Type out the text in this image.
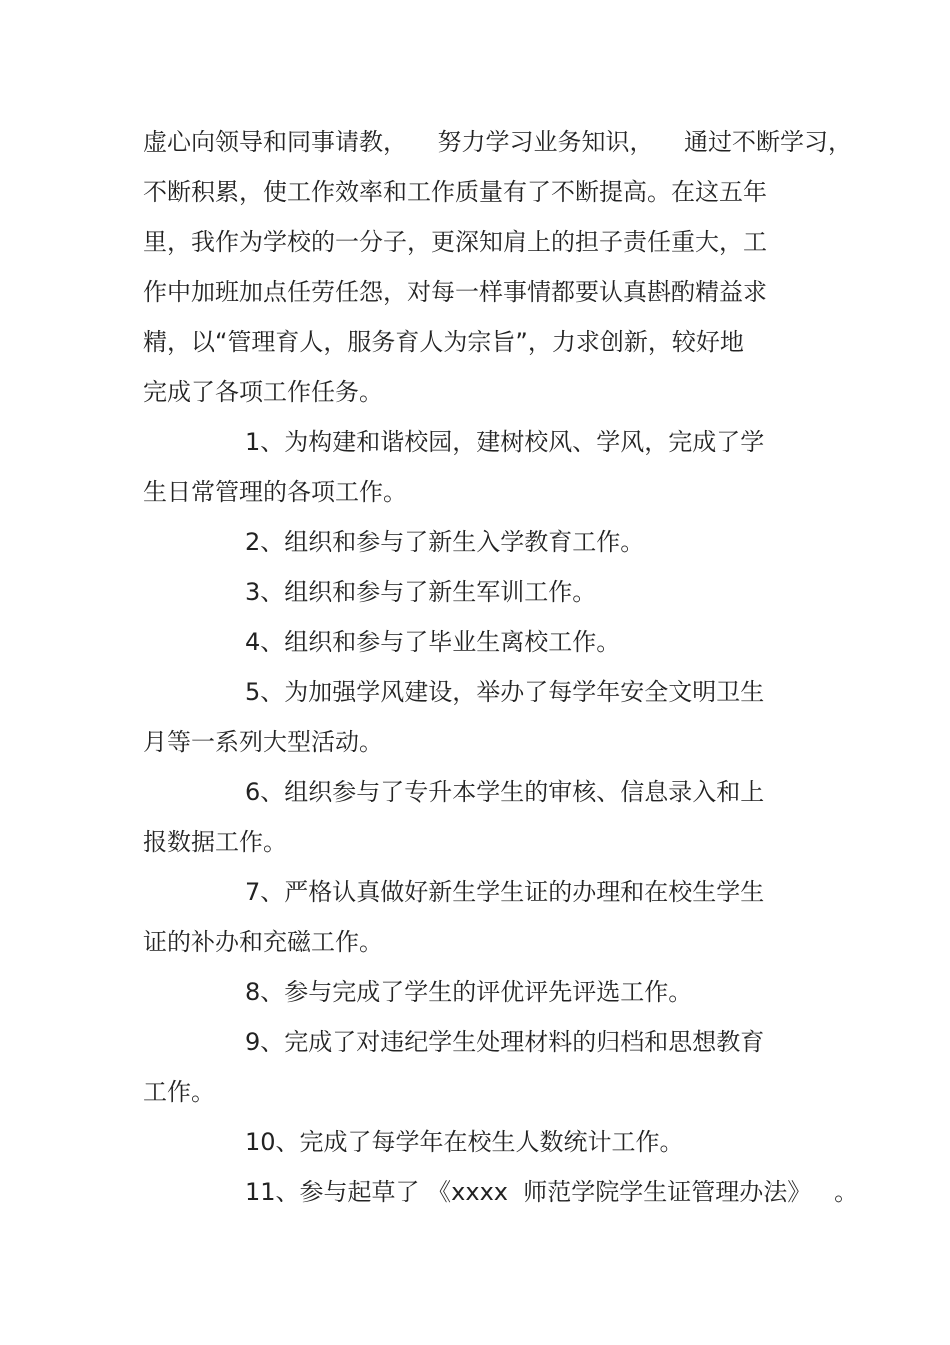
虚心向领导和同事请教，    努力学习业务知识，    通过不断学习，
不断积累，使工作效率和工作质量有了不断提高。在这五年
里，我作为学校的一分子，更深知肩上的担子责任重大，工
作中加班加点任劳任怨，对每一样事情都要认真斟酌精益求
精，以“管理育人，服务育人为宗旨”，力求创新，较好地
完成了各项工作任务。
1、为构建和谐校园，建树校风、学风，完成了学
生日常管理的各项工作。
2、组织和参与了新生入学教育工作。
3、组织和参与了新生军训工作。
4、组织和参与了毕业生离校工作。
5、为加强学风建设，举办了每学年安全文明卫生
月等一系列大型活动。
6、组织参与了专升本学生的审核、信息录入和上
报数据工作。
7、严格认真做好新生学生证的办理和在校生学生
证的补办和充磁工作。
8、参与完成了学生的评优评先评选工作。
9、完成了对违纪学生处理材料的归档和思想教育
工作。
10、完成了每学年在校生人数统计工作。
11、参与起草了 《xxxx  师范学院学生证管理办法》   。
